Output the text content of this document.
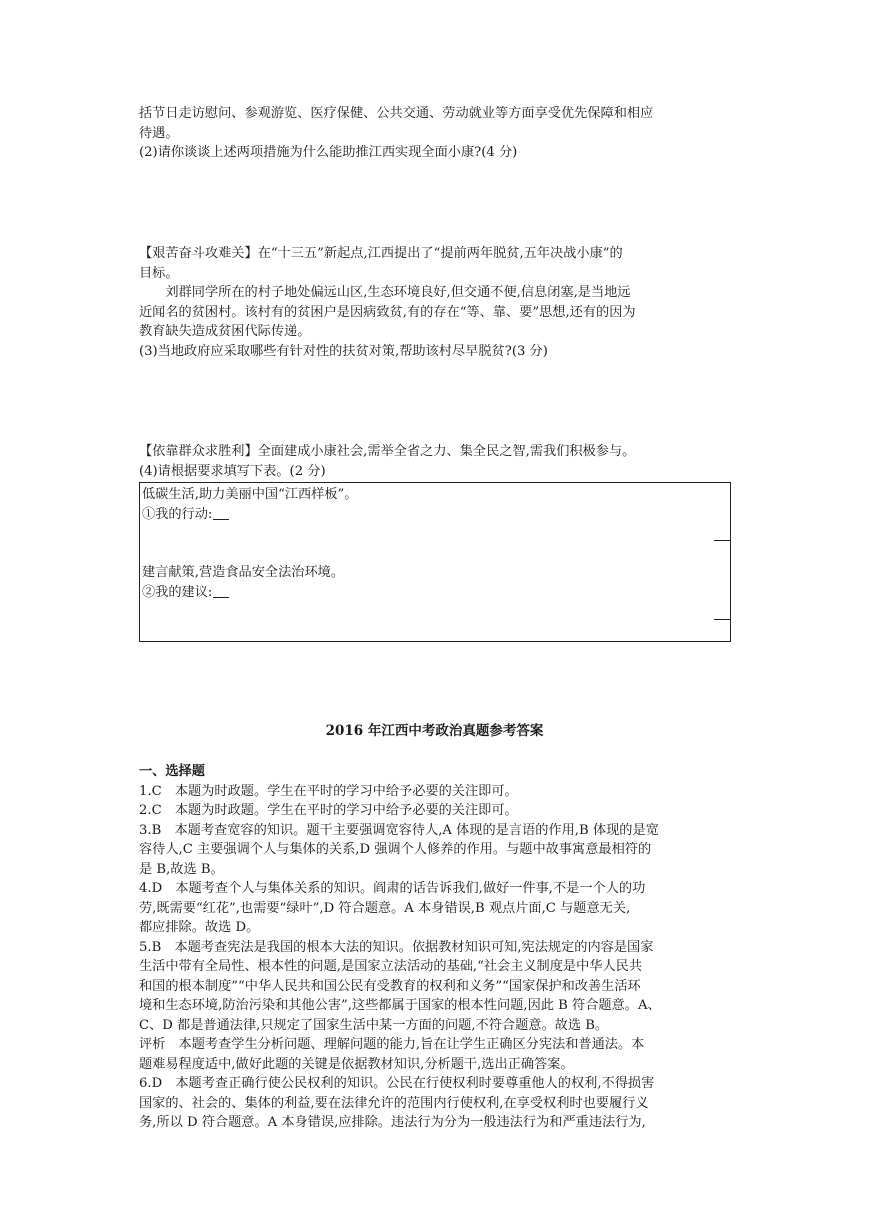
括节日走访慰问、参观游览、医疗保健、公共交通、劳动就业等方面享受优先保障和相应

待遇。

(2)请你谈谈上述两项措施为什么能助推江西实现全面小康?(4 分)

【艰苦奋斗攻难关】在“十三五”新起点,江西提出了“提前两年脱贫,五年决战小康”的

目标。

刘群同学所在的村子地处偏远山区,生态环境良好,但交通不便,信息闭塞,是当地远

近闻名的贫困村。该村有的贫困户是因病致贫,有的存在“等、靠、要”思想,还有的因为

教育缺失造成贫困代际传递。

(3)当地政府应采取哪些有针对性的扶贫对策,帮助该村尽早脱贫?(3 分)

【依靠群众求胜利】全面建成小康社会,需举全省之力、集全民之智,需我们积极参与。

(4)请根据要求填写下表。(2 分)

低碳生活,助力美丽中国“江西样板”。
①我的行动:
建言献策,营造食品安全法治环境。
②我的建议:
2016 年江西中考政治真题参考答案

一、选择题

1.C　本题为时政题。学生在平时的学习中给予必要的关注即可。

2.C　本题为时政题。学生在平时的学习中给予必要的关注即可。

3.B　本题考查宽容的知识。题干主要强调宽容待人,A 体现的是言语的作用,B 体现的是宽

容待人,C 主要强调个人与集体的关系,D 强调个人修养的作用。与题中故事寓意最相符的

是 B,故选 B。

4.D　本题考查个人与集体关系的知识。阎肃的话告诉我们,做好一件事,不是一个人的功

劳,既需要“红花”,也需要“绿叶”,D 符合题意。A 本身错误,B 观点片面,C 与题意无关,

都应排除。故选 D。

5.B　本题考查宪法是我国的根本大法的知识。依据教材知识可知,宪法规定的内容是国家

生活中带有全局性、根本性的问题,是国家立法活动的基础,“社会主义制度是中华人民共

和国的根本制度”“中华人民共和国公民有受教育的权利和义务”“国家保护和改善生活环

境和生态环境,防治污染和其他公害”,这些都属于国家的根本性问题,因此 B 符合题意。A、

C、D 都是普通法律,只规定了国家生活中某一方面的问题,不符合题意。故选 B。

评析　本题考查学生分析问题、理解问题的能力,旨在让学生正确区分宪法和普通法。本

题难易程度适中,做好此题的关键是依据教材知识,分析题干,选出正确答案。

6.D　本题考查正确行使公民权利的知识。公民在行使权利时要尊重他人的权利,不得损害

国家的、社会的、集体的利益,要在法律允许的范围内行使权利,在享受权利时也要履行义

务,所以 D 符合题意。A 本身错误,应排除。违法行为分为一般违法行为和严重违法行为,
